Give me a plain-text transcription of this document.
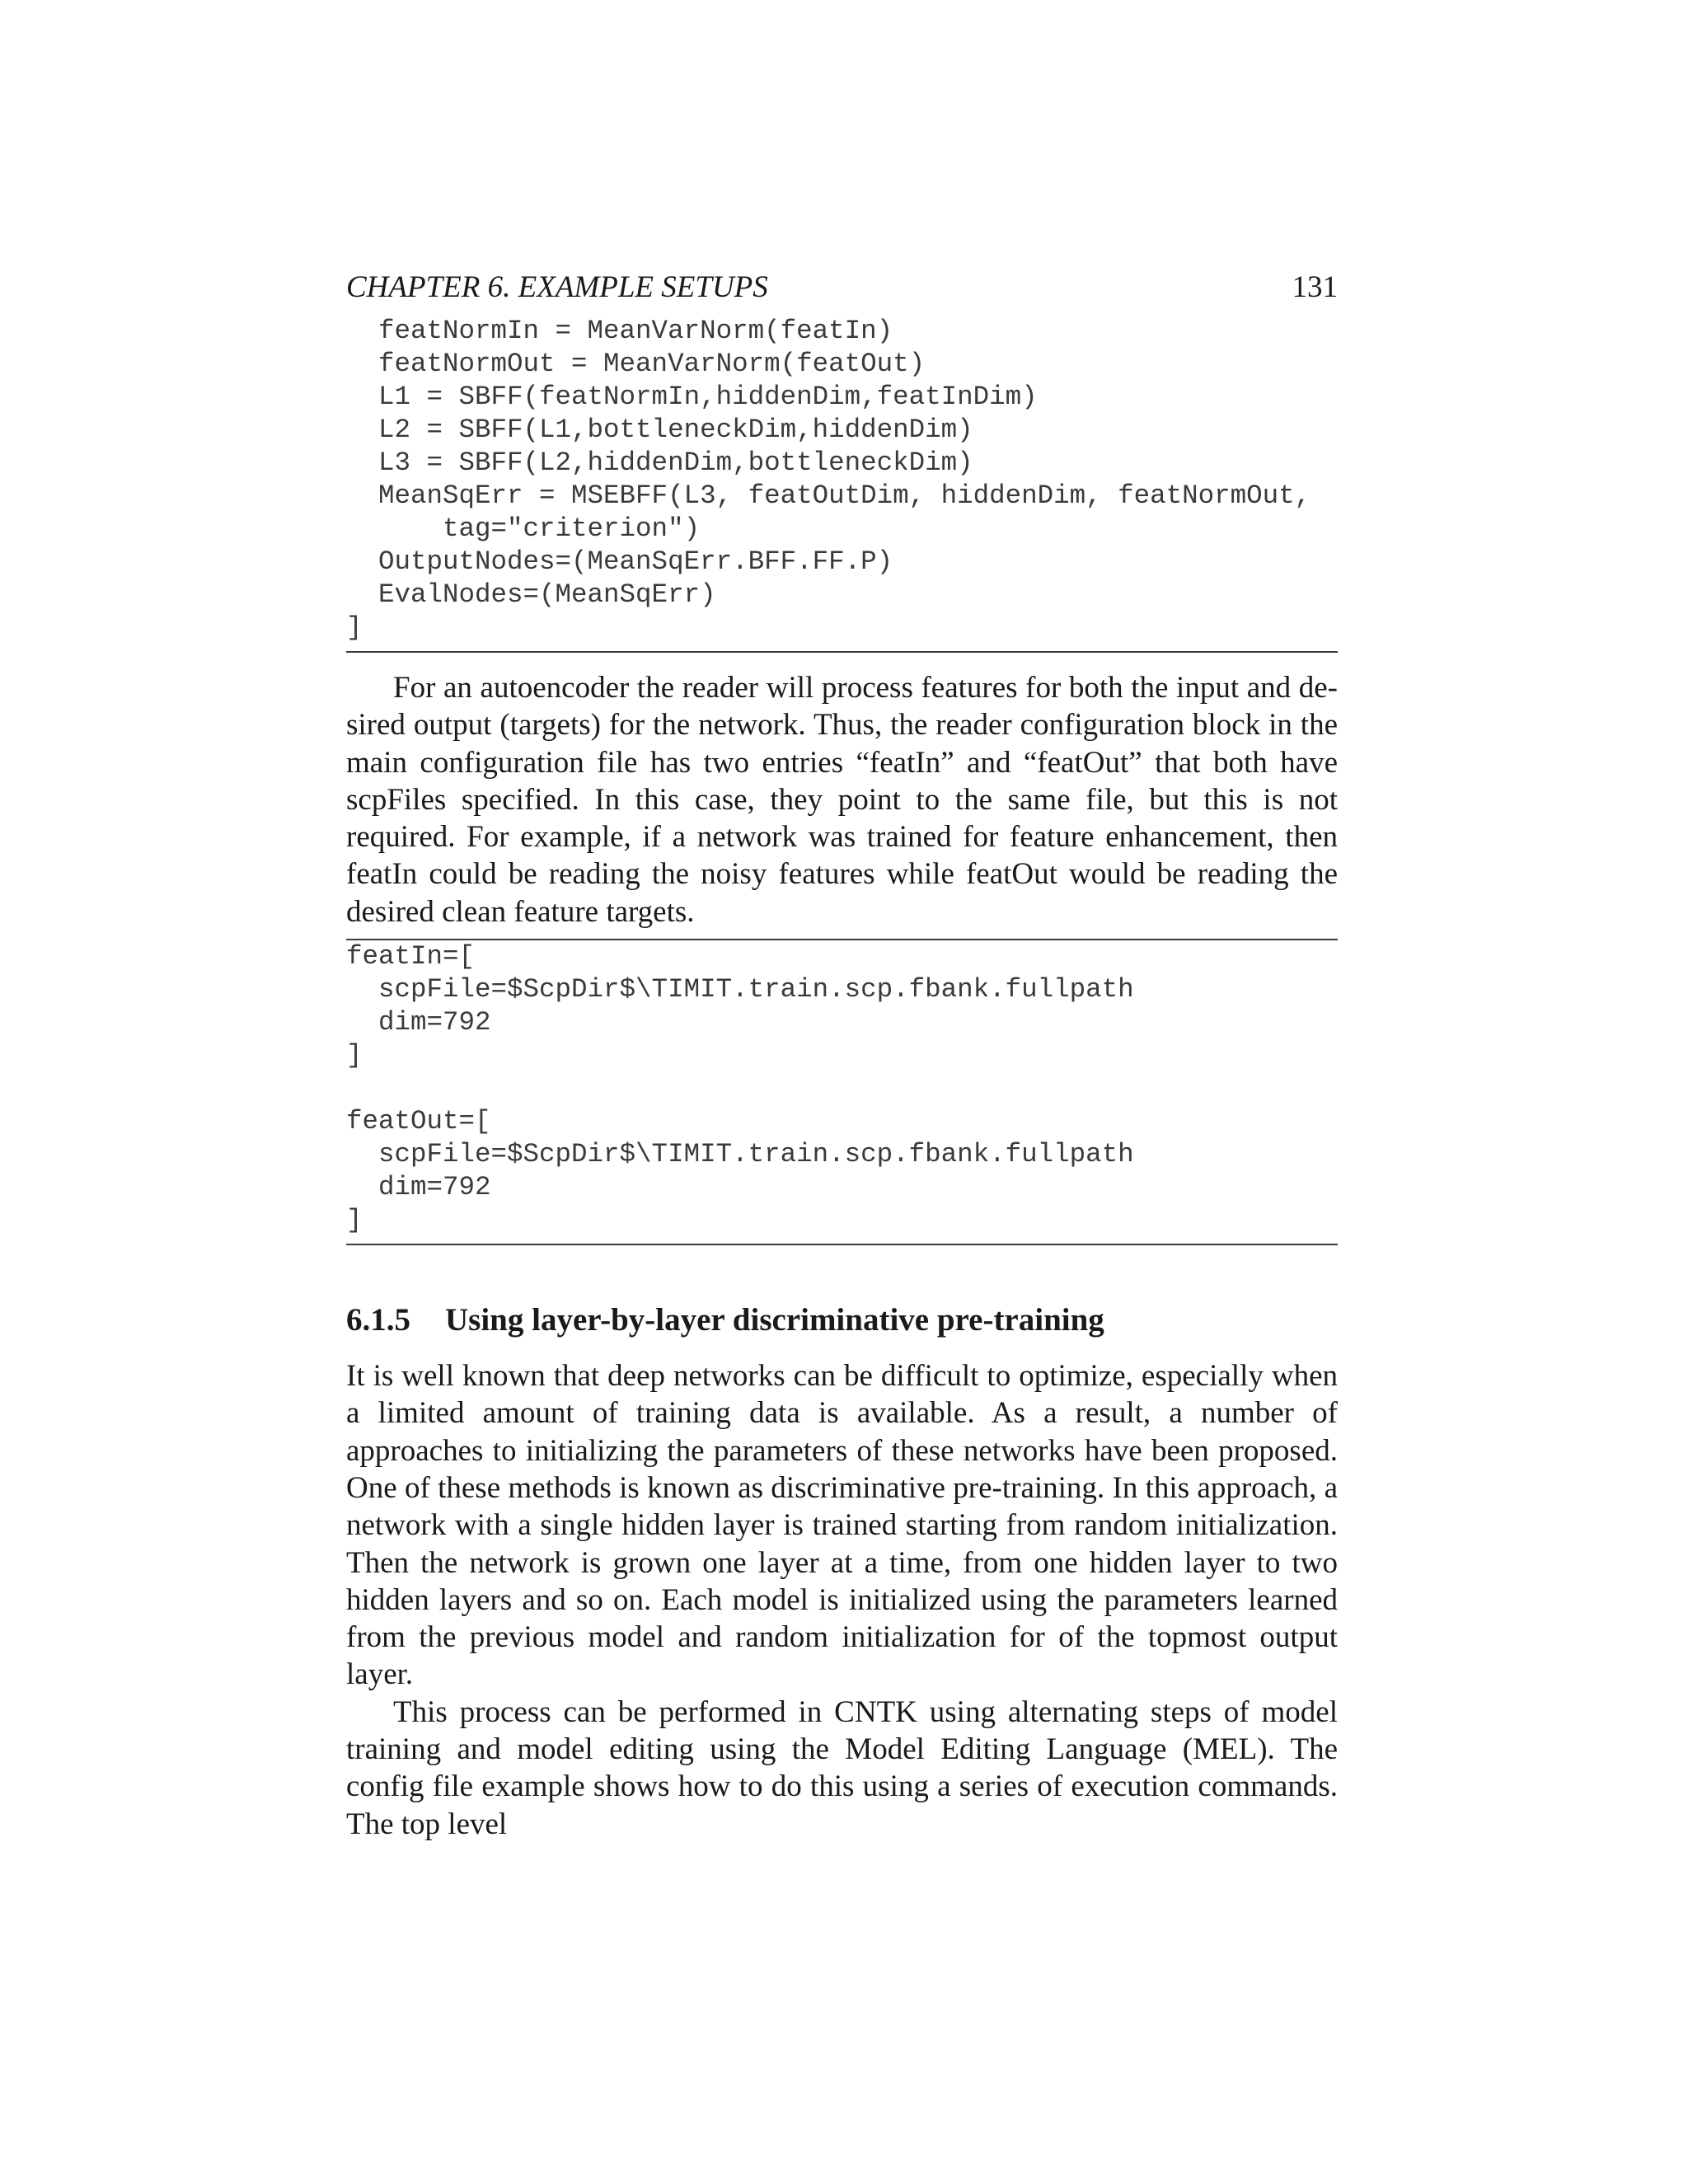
CHAPTER 6. EXAMPLE SETUPS	131
featNormIn = MeanVarNorm(featIn)
featNormOut = MeanVarNorm(featOut)
L1 = SBFF(featNormIn,hiddenDim,featInDim)
L2 = SBFF(L1,bottleneckDim,hiddenDim)
L3 = SBFF(L2,hiddenDim,bottleneckDim)
MeanSqErr = MSEBFF(L3, featOutDim, hiddenDim, featNormOut,
tag="criterion")
OutputNodes=(MeanSqErr.BFF.FF.P)
EvalNodes=(MeanSqErr)
]

For an autoencoder the reader will process features for both the input and desired output (targets) for the network. Thus, the reader configuration block in the main configuration file has two entries “featIn” and “featOut” that both have scpFiles specified. In this case, they point to the same file, but this is not required. For example, if a network was trained for feature enhancement, then featIn could be reading the noisy features while featOut would be reading the desired clean feature targets.

featIn=[
scpFile=$ScpDir$\TIMIT.train.scp.fbank.fullpath
dim=792
]

featOut=[
scpFile=$ScpDir$\TIMIT.train.scp.fbank.fullpath
dim=792
]
6.1.5 Using layer-by-layer discriminative pre-training

It is well known that deep networks can be difficult to optimize, especially when a limited amount of training data is available. As a result, a number of approaches to initializing the parameters of these networks have been proposed. One of these methods is known as discriminative pre-training. In this approach, a network with a single hidden layer is trained starting from random initialization. Then the network is grown one layer at a time, from one hidden layer to two hidden layers and so on. Each model is initialized using the parameters learned from the previous model and random initialization for of the topmost output layer.

This process can be performed in CNTK using alternating steps of model training and model editing using the Model Editing Language (MEL). The config file example shows how to do this using a series of execution commands. The top level
